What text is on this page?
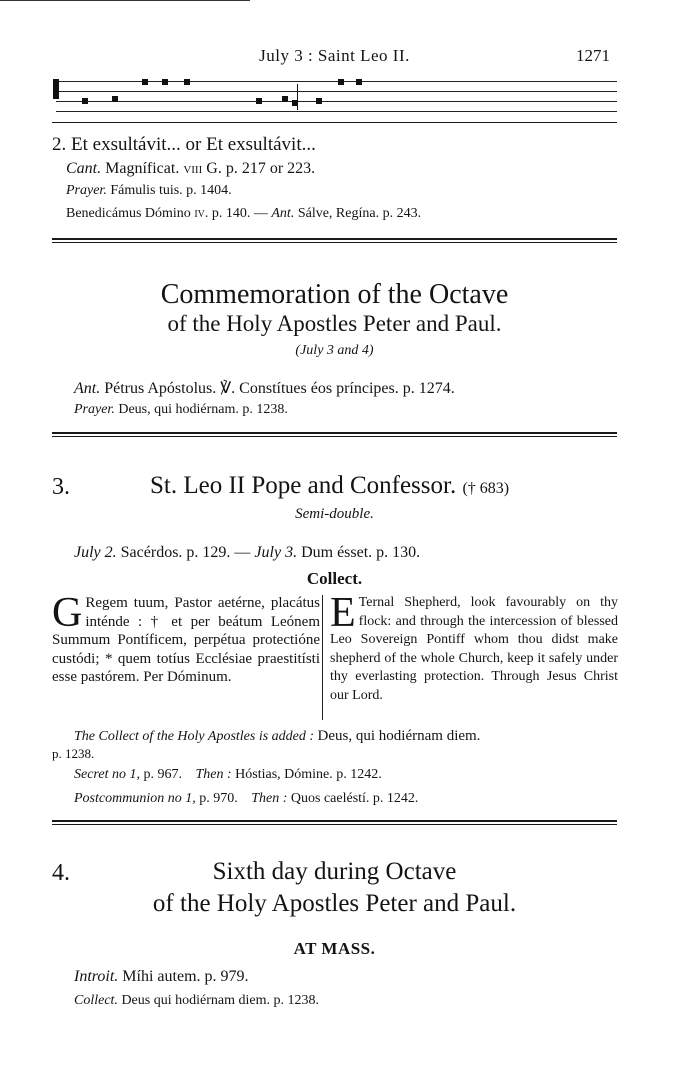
July 3 : Saint Leo II.	1271
2. Et exsultávit... or Et exsultávit...
Cant. Magníficat. viii G. p. 217 or 223.
Prayer. Fámulis tuis. p. 1404.
Benedicámus Dómino iv. p. 140. — Ant. Sálve, Regína. p. 243.
Commemoration of the Octave
of the Holy Apostles Peter and Paul.
(July 3 and 4)
Ant. Pétrus Apóstolus. ℣. Constítues éos príncipes. p. 1274.
Prayer. Deus, qui hodiérnam. p. 1238.
3.	St. Leo II Pope and Confessor. († 683)
Semi-double.
July 2. Sacérdos. p. 129. — July 3. Dum ésset. p. 130.
Collect.
G Regem tuum, Pastor aetérne, placátus inténde : † et per beátum Leónem Summum Pontíficem, perpétua protectióne custódi; * quem totíus Ecclésiae praestitísti esse pastórem. Per Dóminum.
E Ternal Shepherd, look favourably on thy flock: and through the intercession of blessed Leo Sovereign Pontiff whom thou didst make shepherd of the whole Church, keep it safely under thy everlasting protection. Through Jesus Christ our Lord.
The Collect of the Holy Apostles is added : Deus, qui hodiérnam diem.
p. 1238.
Secret no 1, p. 967. Then : Hóstias, Dómine. p. 1242.
Postcommunion no 1, p. 970. Then : Quos caeléstí. p. 1242.
4.	Sixth day during Octave
of the Holy Apostles Peter and Paul.
AT MASS.
Introit. Míhi autem. p. 979.
Collect. Deus qui hodiérnam diem. p. 1238.
